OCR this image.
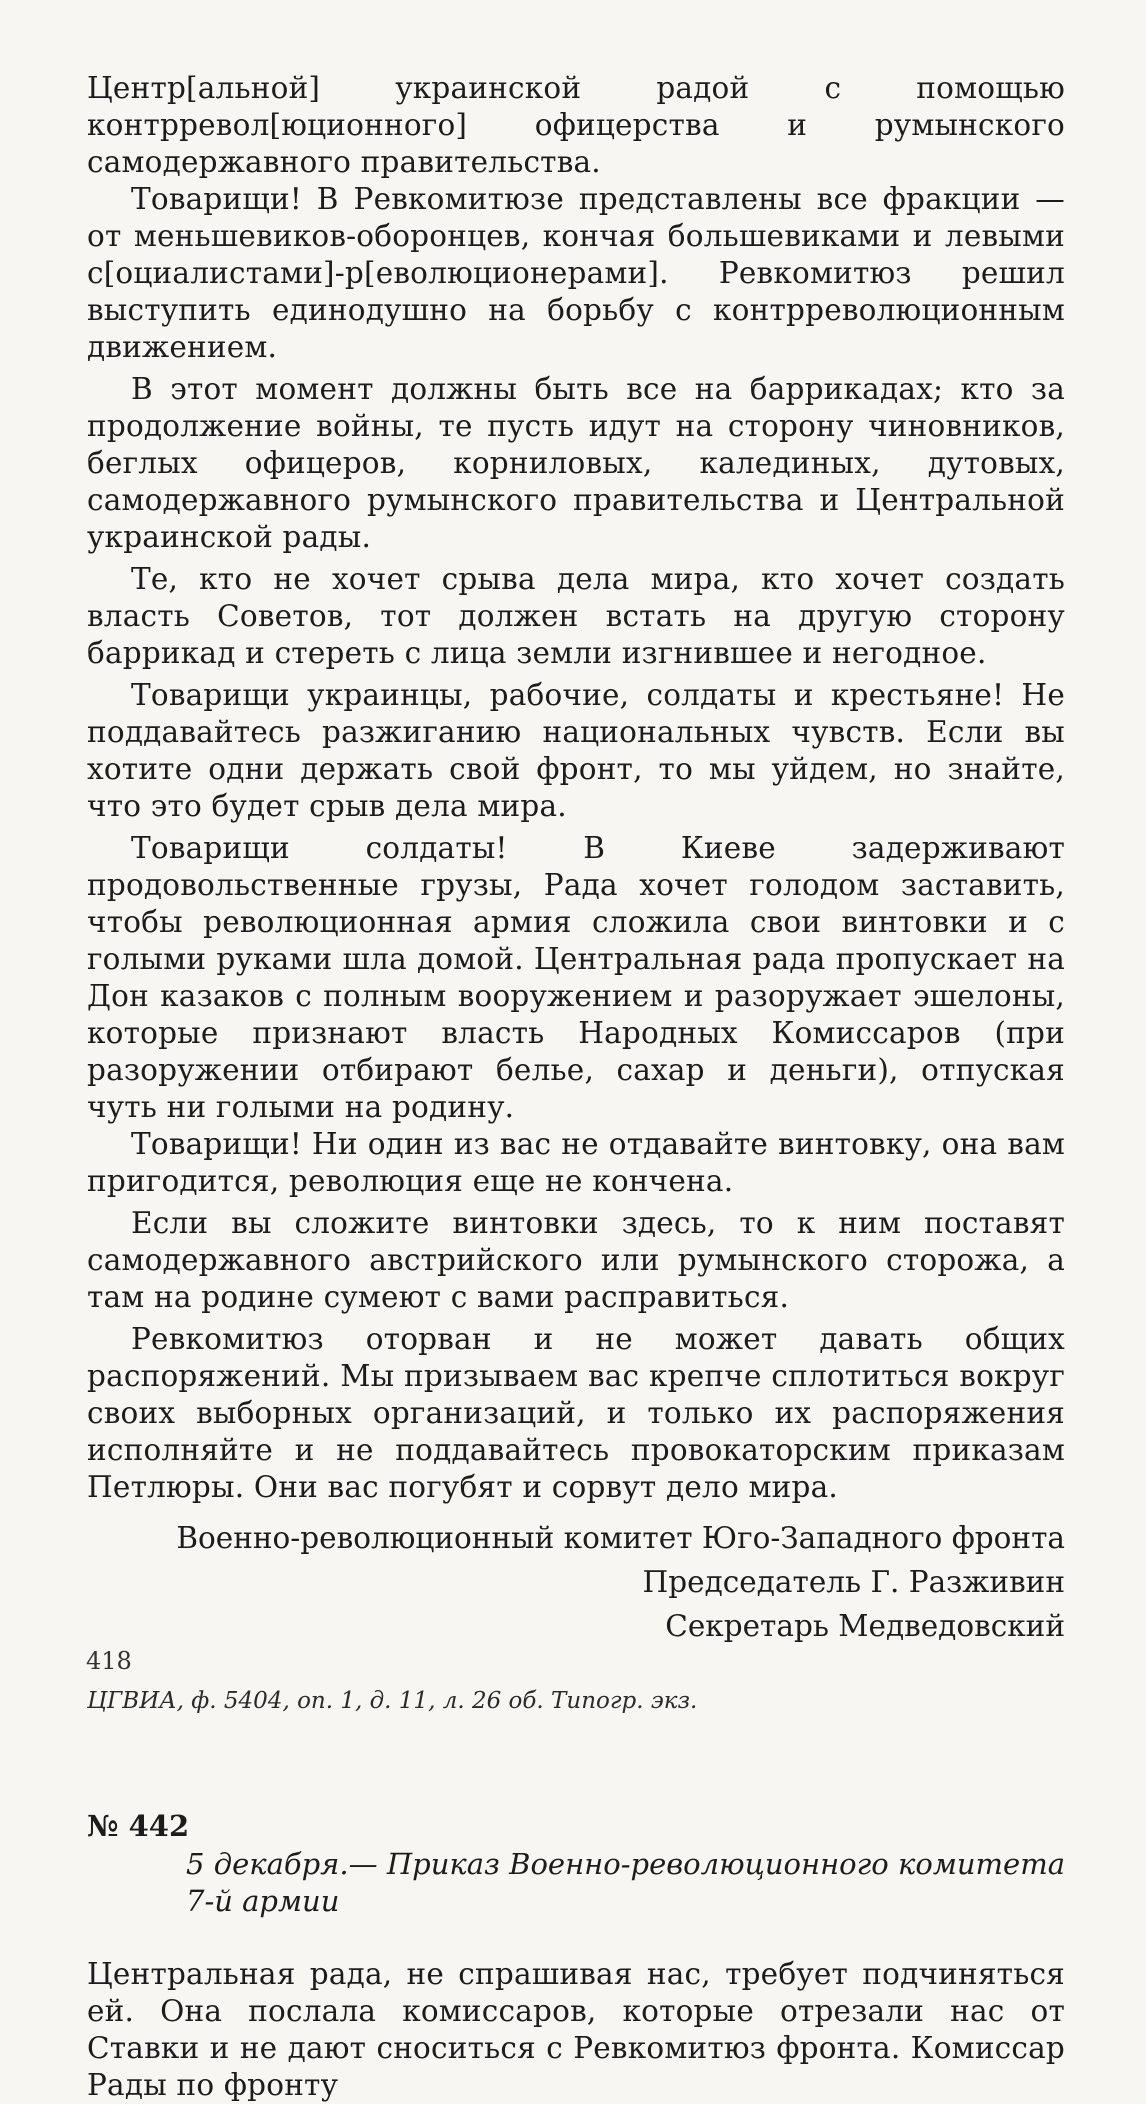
Центр[альной] украинской радой с помощью контрревол[юционного] офицерства и румынского самодержавного правительства.

Товарищи! В Ревкомитюзе представлены все фракции — от меньшевиков-оборонцев, кончая большевиками и левыми с[оциалистами]-р[еволюционерами]. Ревкомитюз решил выступить единодушно на борьбу с контрреволюционным движением.

В этот момент должны быть все на баррикадах; кто за продолжение войны, те пусть идут на сторону чиновников, беглых офицеров, корниловых, калединых, дутовых, самодержавного румынского правительства и Центральной украинской рады.

Те, кто не хочет срыва дела мира, кто хочет создать власть Советов, тот должен встать на другую сторону баррикад и стереть с лица земли изгнившее и негодное.

Товарищи украинцы, рабочие, солдаты и крестьяне! Не поддавайтесь разжиганию национальных чувств. Если вы хотите одни держать свой фронт, то мы уйдем, но знайте, что это будет срыв дела мира.

Товарищи солдаты! В Киеве задерживают продовольственные грузы, Рада хочет голодом заставить, чтобы революционная армия сложила свои винтовки и с голыми руками шла домой. Центральная рада пропускает на Дон казаков с полным вооружением и разоружает эшелоны, которые признают власть Народных Комиссаров (при разоружении отбирают белье, сахар и деньги), отпуская чуть ни голыми на родину.

Товарищи! Ни один из вас не отдавайте винтовку, она вам пригодится, революция еще не кончена.

Если вы сложите винтовки здесь, то к ним поставят самодержавного австрийского или румынского сторожа, а там на родине сумеют с вами расправиться.

Ревкомитюз оторван и не может давать общих распоряжений. Мы призываем вас крепче сплотиться вокруг своих выборных организаций, и только их распоряжения исполняйте и не поддавайтесь провокаторским приказам Петлюры. Они вас погубят и сорвут дело мира.

Военно-революционный комитет Юго-Западного фронта

Председатель Г. Разживин

Секретарь Медведовский

ЦГВИА, ф. 5404, оп. 1, д. 11, л. 26 об. Типогр. экз.
№ 442
5 декабря.— Приказ Военно-революционного комитета
7-й армии

Центральная рада, не спрашивая нас, требует подчиняться ей. Она послала комиссаров, которые отрезали нас от Ставки и не дают сноситься с Ревкомитюз фронта. Комиссар Рады по фронту

418
